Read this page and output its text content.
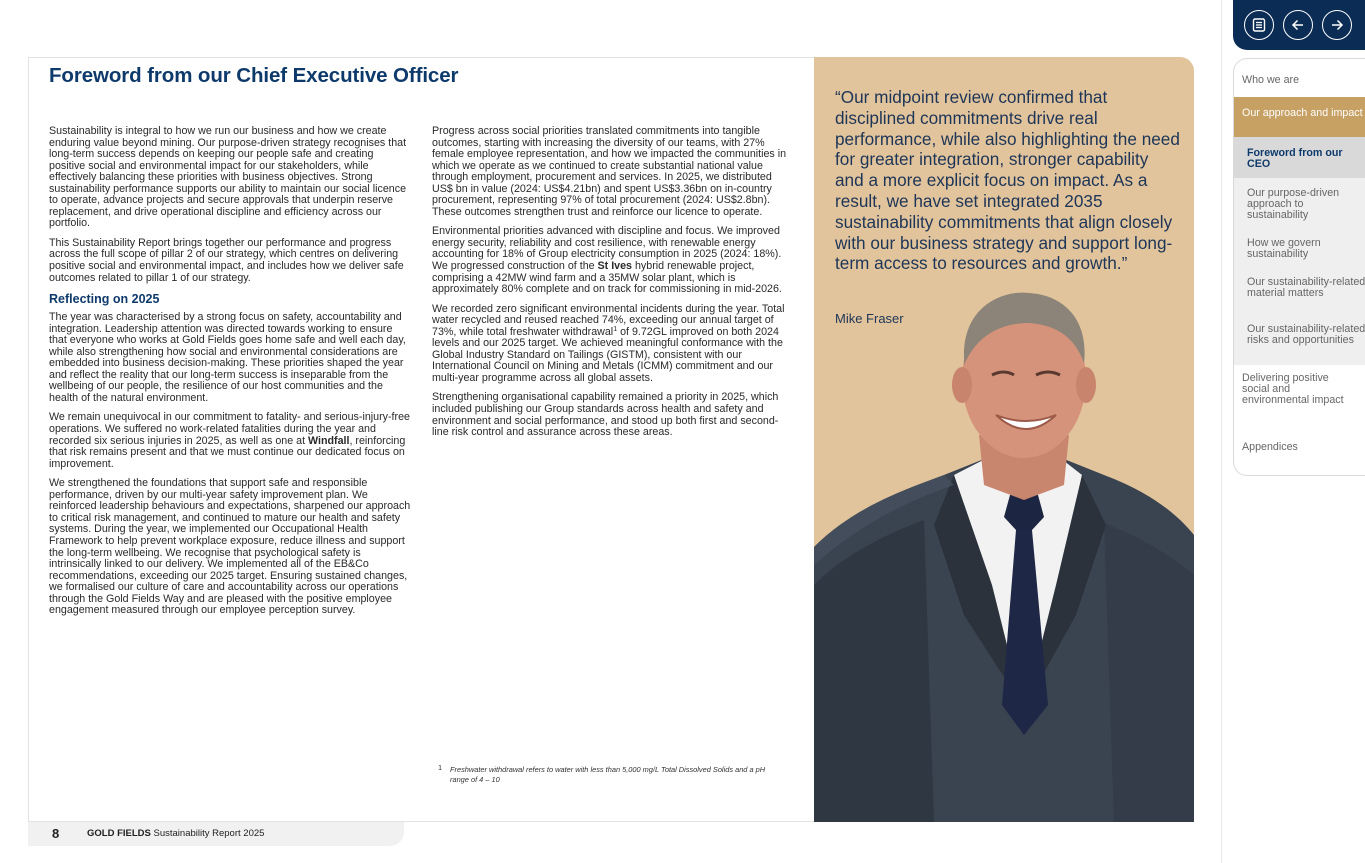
Foreword from our Chief Executive Officer

Sustainability is integral to how we run our business and how we create enduring value beyond mining. Our purpose-driven strategy recognises that long-term success depends on keeping our people safe and creating positive social and environmental impact for our stakeholders, while effectively balancing these priorities with business objectives. Strong sustainability performance supports our ability to maintain our social licence to operate, advance projects and secure approvals that underpin reserve replacement, and drive operational discipline and efficiency across our portfolio.

This Sustainability Report brings together our performance and progress across the full scope of pillar 2 of our strategy, which centres on delivering positive social and environmental impact, and includes how we deliver safe outcomes related to pillar 1 of our strategy.

Reflecting on 2025

The year was characterised by a strong focus on safety, accountability and integration. Leadership attention was directed towards working to ensure that everyone who works at Gold Fields goes home safe and well each day, while also strengthening how social and environmental considerations are embedded into business decision-making. These priorities shaped the year and reflect the reality that our long-term success is inseparable from the wellbeing of our people, the resilience of our host communities and the health of the natural environment.

We remain unequivocal in our commitment to fatality- and serious-injury-free operations. We suffered no work-related fatalities during the year and recorded six serious injuries in 2025, as well as one at Windfall, reinforcing that risk remains present and that we must continue our dedicated focus on improvement.

We strengthened the foundations that support safe and responsible performance, driven by our multi-year safety improvement plan. We reinforced leadership behaviours and expectations, sharpened our approach to critical risk management, and continued to mature our health and safety systems. During the year, we implemented our Occupational Health Framework to help prevent workplace exposure, reduce illness and support the long-term wellbeing. We recognise that psychological safety is intrinsically linked to our delivery. We implemented all of the EB&Co recommendations, exceeding our 2025 target. Ensuring sustained changes, we formalised our culture of care and accountability across our operations through the Gold Fields Way and are pleased with the positive employee engagement measured through our employee perception survey.

Progress across social priorities translated commitments into tangible outcomes, starting with increasing the diversity of our teams, with 27% female employee representation, and how we impacted the communities in which we operate as we continued to create substantial national value through employment, procurement and services. In 2025, we distributed US$ bn in value (2024: US$4.21bn) and spent US$3.36bn on in-country procurement, representing 97% of total procurement (2024: US$2.8bn). These outcomes strengthen trust and reinforce our licence to operate.

Environmental priorities advanced with discipline and focus. We improved energy security, reliability and cost resilience, with renewable energy accounting for 18% of Group electricity consumption in 2025 (2024: 18%). We progressed construction of the St Ives hybrid renewable project, comprising a 42MW wind farm and a 35MW solar plant, which is approximately 80% complete and on track for commissioning in mid-2026.

We recorded zero significant environmental incidents during the year. Total water recycled and reused reached 74%, exceeding our annual target of 73%, while total freshwater withdrawal$^1$ of 9.72GL improved on both 2024 levels and our 2025 target. We achieved meaningful conformance with the Global Industry Standard on Tailings (GISTM), consistent with our International Council on Mining and Metals (ICMM) commitment and our multi-year programme across all global assets.

Strengthening organisational capability remained a priority in 2025, which included publishing our Group standards across health and safety and environment and social performance, and stood up both first and second-line risk control and assurance across these areas.

1	Freshwater withdrawal refers to water with less than 5,000 mg/L Total Dissolved Solids and a pH range of 4 – 10

“Our midpoint review confirmed that disciplined commitments drive real performance, while also highlighting the need for greater integration, stronger capability and a more explicit focus on impact. As a result, we have set integrated 2035 sustainability commitments that align closely with our business strategy and support long-term access to resources and growth.”

Mike Fraser

8	GOLD FIELDS Sustainability Report 2025
Who we are
Our approach and impact
Foreword from our CEO
Our purpose-driven approach to sustainability
How we govern sustainability
Our sustainability-related material matters
Our sustainability-related risks and opportunities
Delivering positive social and environmental impact
Appendices
